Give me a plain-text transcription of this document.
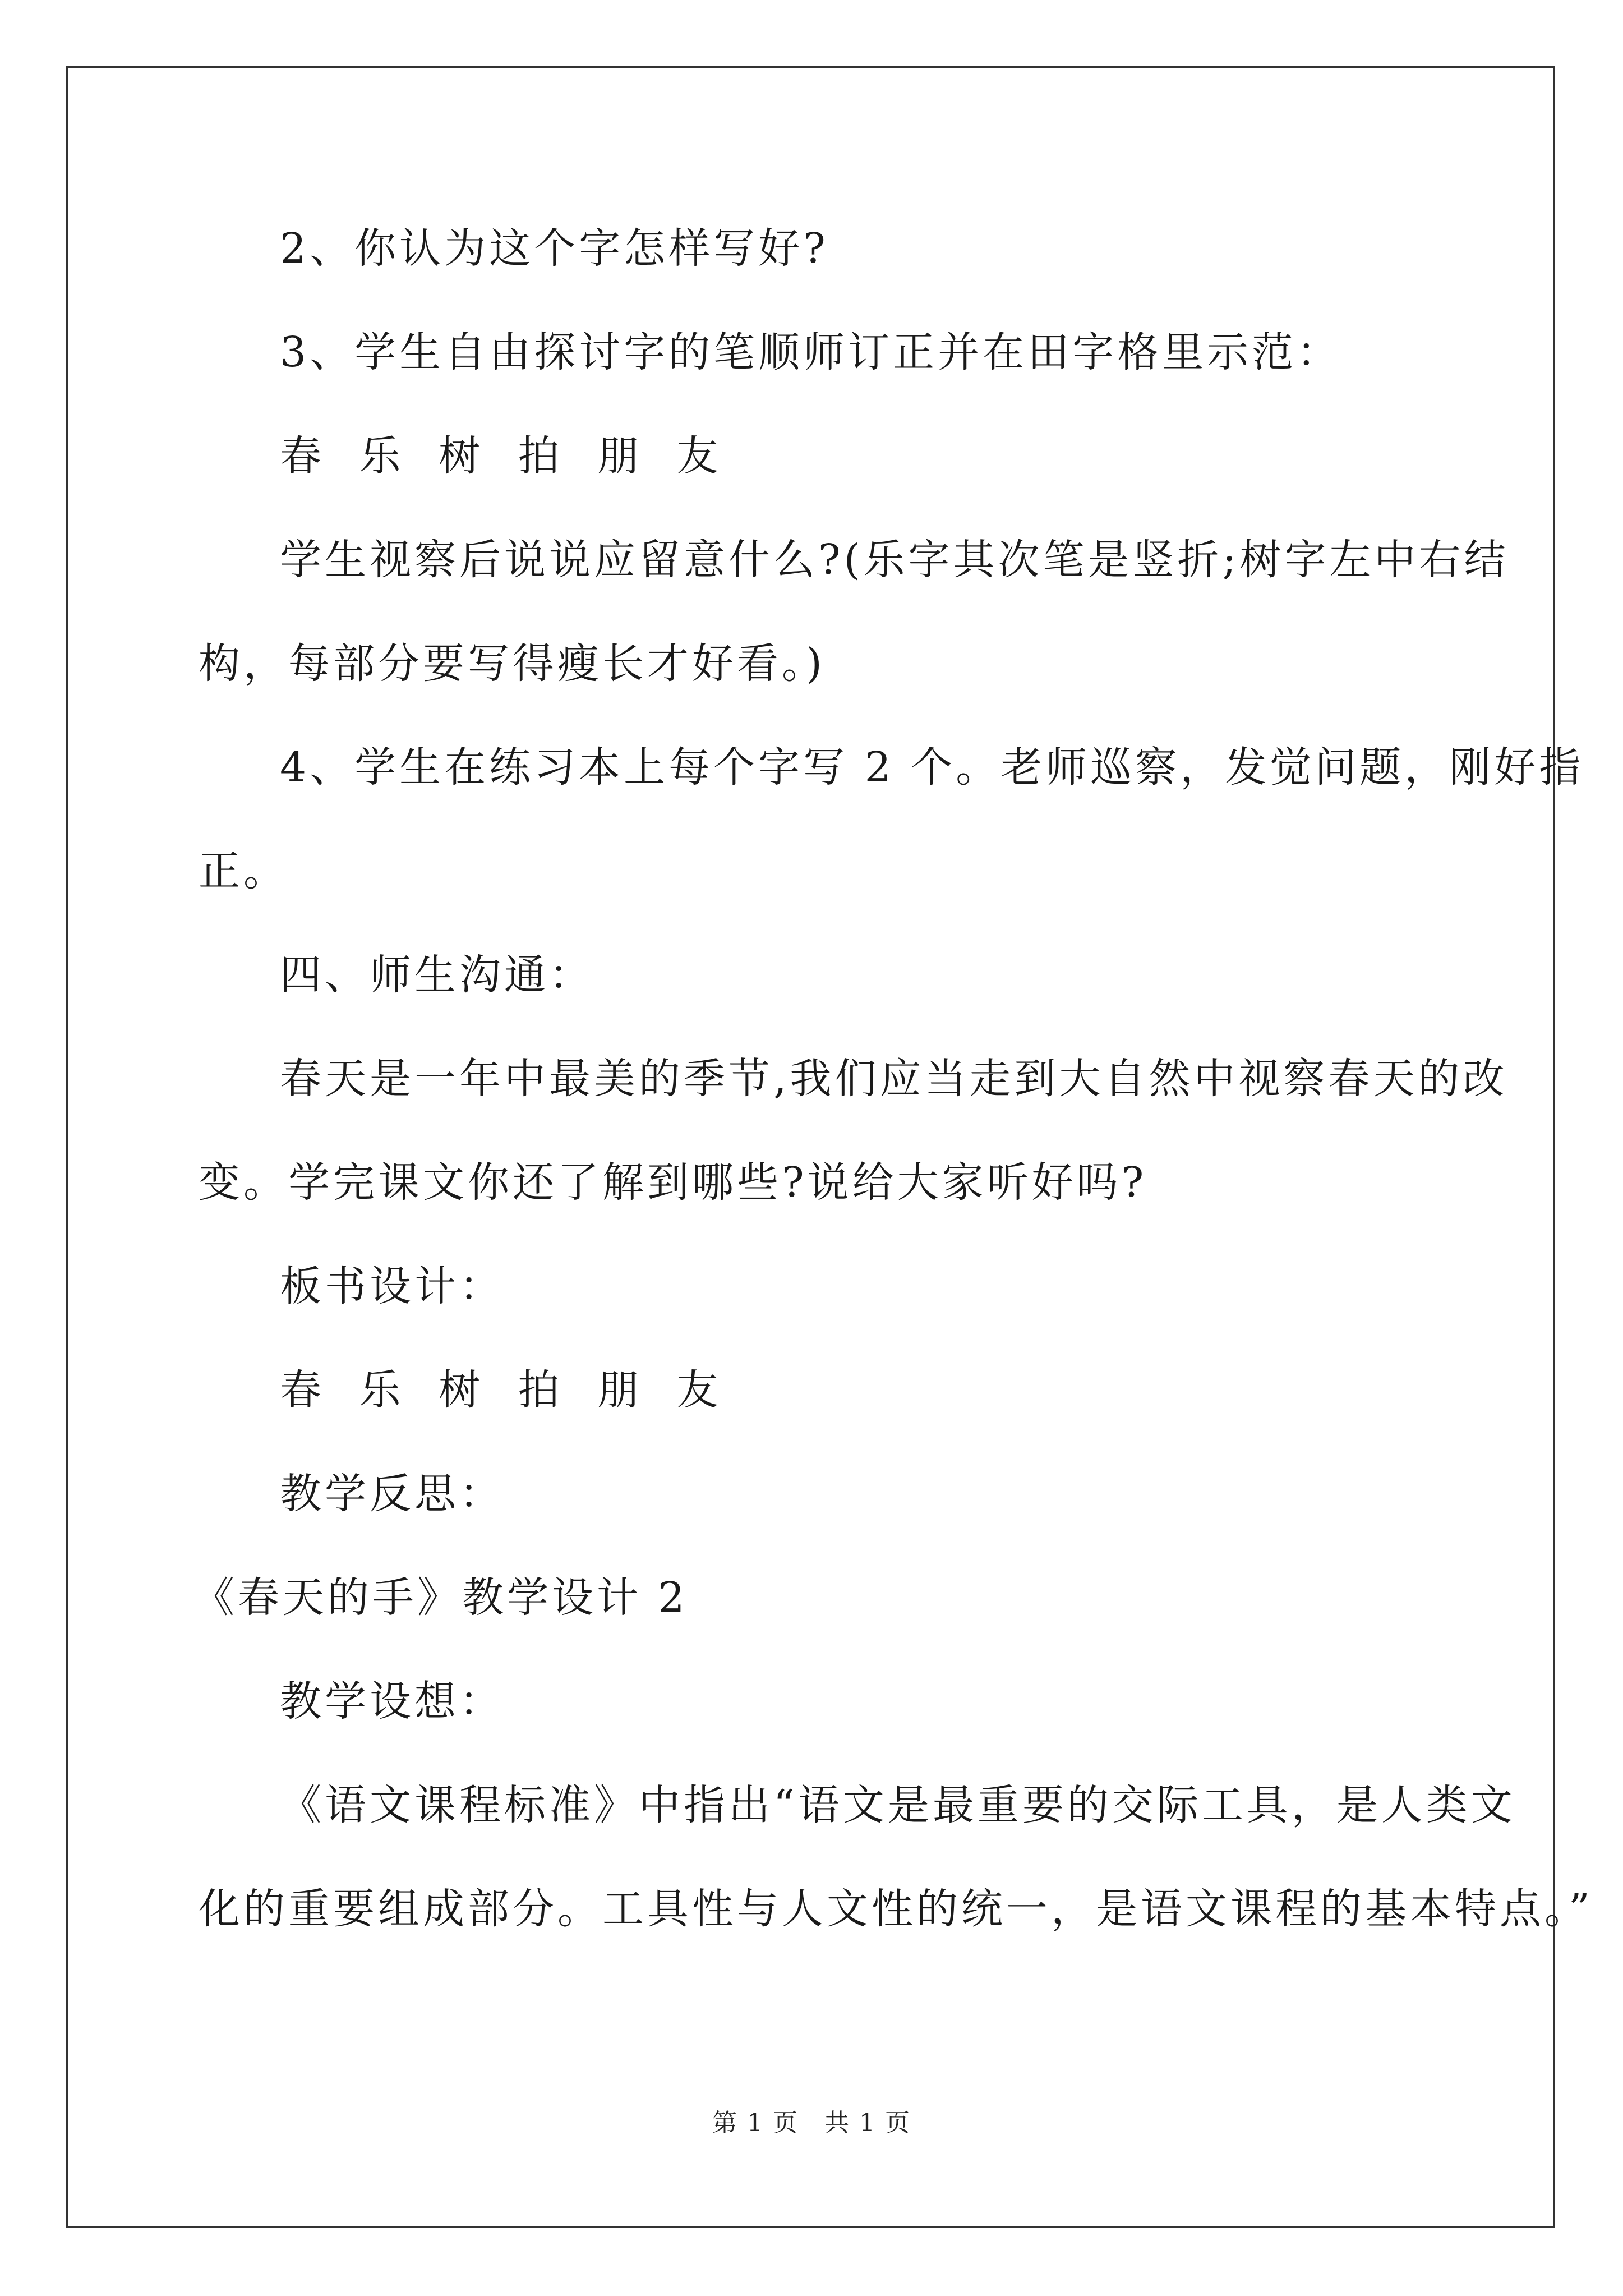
2、你认为这个字怎样写好?
3、学生自由探讨字的笔顺师订正并在田字格里示范：
春 乐 树 拍 朋 友
学生视察后说说应留意什么?(乐字其次笔是竖折;树字左中右结
构，每部分要写得瘦长才好看。)
4、学生在练习本上每个字写 2 个。老师巡察，发觉问题，刚好指
正。
四、师生沟通：
春天是一年中最美的季节,我们应当走到大自然中视察春天的改
变。学完课文你还了解到哪些?说给大家听好吗?
板书设计：
春 乐 树 拍 朋 友
教学反思：
《春天的手》教学设计 2
教学设想：
《语文课程标准》中指出“语文是最重要的交际工具，是人类文
化的重要组成部分。工具性与人文性的统一，是语文课程的基本特点。”
第 1 页 共 1 页
